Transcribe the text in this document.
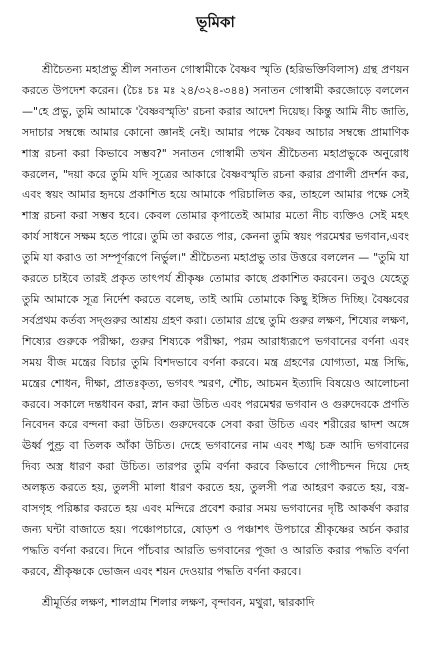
ভূমিকা

শ্রীচৈতন্য মহাপ্রভু শ্রীল সনাতন গোস্বামীকে বৈষ্ণব স্মৃতি (হরিভক্তিবিলাস) গ্রন্থ প্রণয়ন করতে উপদেশ করেন। (চৈঃ চঃ মঃ ২৪/৩২৪-৩৪৪) সনাতন গোস্বামী করজোড়ে বললেন —"হে প্রভু, তুমি আমাকে 'বৈষ্ণবস্মৃতি' রচনা করার আদেশ দিয়েছ। কিন্তু আমি নীচ জাতি, সদাচার সম্বন্ধে আমার কোনো জ্ঞানই নেই। আমার পক্ষে বৈষ্ণব আচার সম্বন্ধে প্রামাণিক শাস্ত্র রচনা করা কিভাবে সম্ভব?" সনাতন গোস্বামী তখন শ্রীচৈতন্য মহাপ্রভুকে অনুরোধ করলেন, "দয়া করে তুমি যদি সূত্রের আকারে বৈষ্ণবস্মৃতি রচনা করার প্রণালী প্রদর্শন কর, এবং স্বয়ং আমার হৃদয়ে প্রকাশিত হয়ে আমাকে পরিচালিত কর, তাহলে আমার পক্ষে সেই শাস্ত্র রচনা করা সম্ভব হবে। কেবল তোমার কৃপাতেই আমার মতো নীচ ব্যক্তিও সেই মহৎ কার্য সাধনে সক্ষম হতে পারে। তুমি তা করতে পার, কেননা তুমি স্বয়ং পরমেশ্বর ভগবান,এবং তুমি যা করাও তা সম্পূর্ণরূপে নির্ভুল।" শ্রীচৈতন্য মহাপ্রভু তার উত্তরে বললেন — "তুমি যা করতে চাইবে তারই প্রকৃত তাৎপর্য শ্রীকৃষ্ণ তোমার কাছে প্রকাশিত করবেন। তবুও যেহেতু তুমি আমাকে সূত্র নির্দেশ করতে বলেছ, তাই আমি তোমাকে কিছু ইঙ্গিত দিচ্ছি। বৈষ্ণবের সর্বপ্রথম কর্তব্য সদ্গুরুর আশ্রয় গ্রহণ করা। তোমার গ্রন্থে তুমি গুরুর লক্ষণ, শিষ্যের লক্ষণ, শিষ্যের গুরুকে পরীক্ষা, গুরুর শিষ্যকে পরীক্ষা, পরম আরাধ্যরূপে ভগবানের বর্ণনা এবং সময় বীজ মন্ত্রের বিচার তুমি বিশদভাবে বর্ণনা করবে। মন্ত্র গ্রহণের যোগ্যতা, মন্ত্র সিদ্ধি, মন্ত্রের শোধন, দীক্ষা, প্রাতঃকৃত্য, ভগবৎ স্মরণ, শৌচ, আচমন ইত্যাদি বিষয়েও আলোচনা করবে। সকালে দন্তধাবন করা, স্নান করা উচিত এবং পরমেশ্বর ভগবান ও গুরুদেবকে প্রণতি নিবেদন করে বন্দনা করা উচিত। গুরুদেবকে সেবা করা উচিত এবং শরীরের দ্বাদশ অঙ্গে ঊর্ধ্ব পুণ্ড্র বা তিলক আঁকা উচিত। দেহে ভগবানের নাম এবং শঙ্খ চক্র আদি ভগবানের দিব্য অস্ত্র ধারণ করা উচিত। তারপর তুমি বর্ণনা করবে কিভাবে গোপীচন্দন দিয়ে দেহ অলঙ্কৃত করতে হয়, তুলসী মালা ধারণ করতে হয়, তুলসী পত্র আহরণ করতে হয়, বস্ত্র-বাসগৃহ পরিষ্কার করতে হয় এবং মন্দিরে প্রবেশ করার সময় ভগবানের দৃষ্টি আকর্ষণ করার জন্য ঘন্টা বাজাতে হয়। পঞ্চোপচারে, ষোড়শ ও পঞ্চাশৎ উপচারে শ্রীকৃষ্ণের অর্চন করার পদ্ধতি বর্ণনা করবে। দিনে পাঁচবার আরতি ভগবানের পূজা ও আরতি করার পদ্ধতি বর্ণনা করবে, শ্রীকৃষ্ণকে ভোজন এবং শয়ন দেওয়ার পদ্ধতি বর্ণনা করবে।

শ্রীমূর্তির লক্ষণ, শালগ্রাম শিলার লক্ষণ, বৃন্দাবন, মথুরা, দ্বারকাদি
